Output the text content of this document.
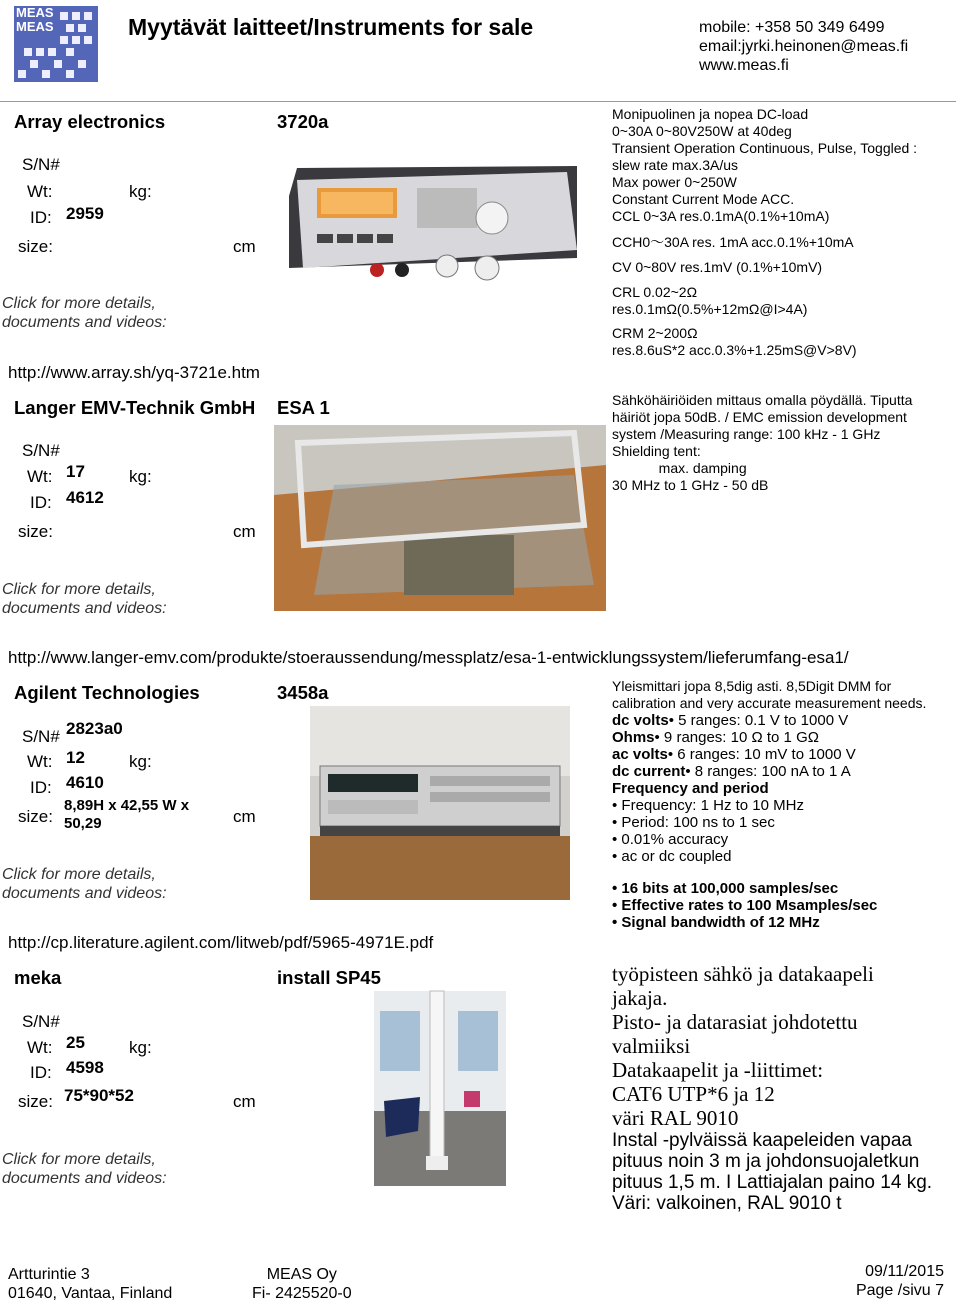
MEAS MEAS	Myytävät laitteet/Instruments for sale	mobile: +358 50 349 6499
email:jyrki.heinonen@meas.fi
www.meas.fi
Array electronics	3720a
S/N#
Wt:	kg:
ID: 2959
size:	cm
Click for more details,
documents and videos:
http://www.array.sh/yq-3721e.htm
Monipuolinen ja nopea DC-load
0~30A 0~80V250W at 40deg
Transient Operation Continuous, Pulse, Toggled :
slew rate max.3A/us
Max power 0~250W
Constant Current Mode ACC.
CCL 0~3A res.0.1mA(0.1%+10mA)
CCH0～30A res. 1mA acc.0.1%+10mA
CV 0~80V res.1mV (0.1%+10mV)
CRL 0.02~2Ω
res.0.1mΩ(0.5%+12mΩ@I>4A)
CRM 2~200Ω
res.8.6uS*2 acc.0.3%+1.25mS@V>8V)
Langer EMV-Technik GmbH ESA 1
S/N#
Wt: 17	kg:
ID: 4612
size:	cm
Click for more details,
documents and videos:
http://www.langer-emv.com/produkte/stoeraussendung/messplatz/esa-1-entwicklungssystem/lieferumfang-esa1/
Sähköhäiriöiden mittaus omalla pöydällä. Tiputta
häiriöt jopa 50dB. / EMC emission development
system /Measuring range: 100 kHz - 1 GHz
Shielding tent:
max. damping
30 MHz to 1 GHz - 50 dB
Agilent Technologies	3458a
S/N# 2823a0
Wt: 12	kg:
ID: 4610
size:
8,89H x 42,55 W x
50,29	cm
Click for more details,
documents and videos:
http://cp.literature.agilent.com/litweb/pdf/5965-4971E.pdf
Yleismittari jopa 8,5dig asti. 8,5Digit DMM for
calibration and very accurate measurement needs.
dc volts• 5 ranges: 0.1 V to 1000 V
Ohms• 9 ranges: 10 Ω to 1 GΩ
ac volts• 6 ranges: 10 mV to 1000 V
dc current• 8 ranges: 100 nA to 1 A
Frequency and period
• Frequency: 1 Hz to 10 MHz
• Period: 100 ns to 1 sec
• 0.01% accuracy
• ac or dc coupled
• 16 bits at 100,000 samples/sec
• Effective rates to 100 Msamples/sec
• Signal bandwidth of 12 MHz
meka	install SP45
S/N#
Wt: 25	kg:
ID: 4598
size: 75*90*52	cm
Click for more details,
documents and videos:
työpisteen sähkö ja datakaapeli
jakaja.
Pisto- ja datarasiat johdotettu
valmiiksi
Datakaapelit ja -liittimet:
CAT6 UTP*6 ja 12
väri RAL 9010
Instal -pylväissä kaapeleiden vapaa
pituus noin 3 m ja johdonsuojaletkun
pituus 1,5 m. I Lattiajalan paino 14 kg.
Väri: valkoinen, RAL 9010 t
Artturintie 3
01640, Vantaa, Finland
MEAS Oy
Fi- 2425520-0
09/11/2015
Page /sivu 7
